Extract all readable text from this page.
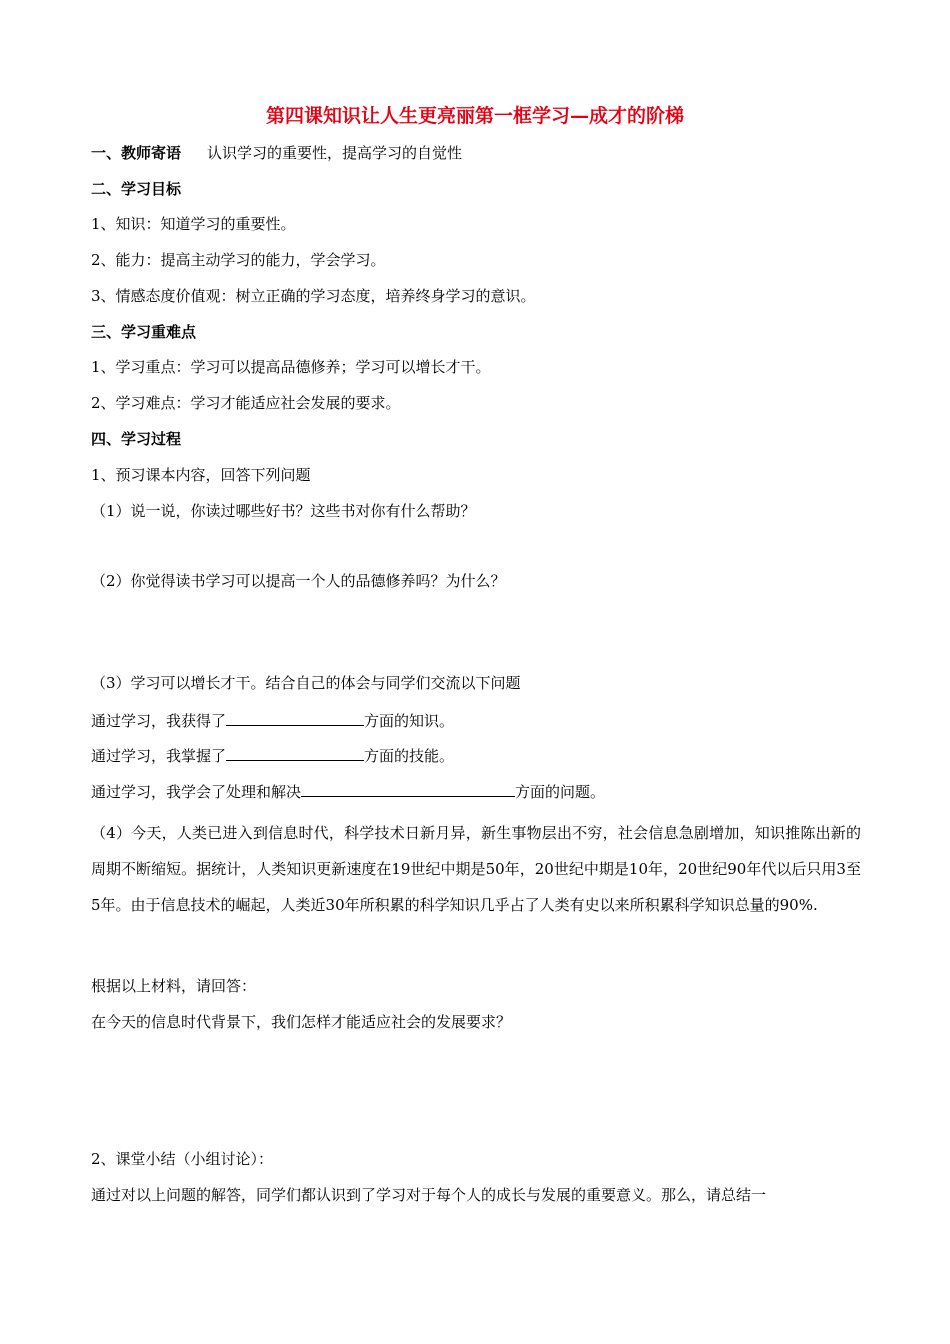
第四课知识让人生更亮丽第一框学习—成才的阶梯
一、教师寄语 认识学习的重要性，提高学习的自觉性
二、学习目标
1、知识：知道学习的重要性。
2、能力：提高主动学习的能力，学会学习。
3、情感态度价值观：树立正确的学习态度，培养终身学习的意识。
三、学习重难点
1、学习重点：学习可以提高品德修养；学习可以增长才干。
2、学习难点：学习才能适应社会发展的要求。
四、学习过程
1、预习课本内容，回答下列问题
（1）说一说，你读过哪些好书？这些书对你有什么帮助？
（2）你觉得读书学习可以提高一个人的品德修养吗？为什么？
（3）学习可以增长才干。结合自己的体会与同学们交流以下问题
通过学习，我获得了	方面的知识。
通过学习，我掌握了	方面的技能。
通过学习，我学会了处理和解决	方面的问题。
（4）今天，人类已进入到信息时代，科学技术日新月异，新生事物层出不穷，社会信息急剧增加，知识推陈出新的周期不断缩短。据统计，人类知识更新速度在19世纪中期是50年，20世纪中期是10年，20世纪90年代以后只用3至5年。由于信息技术的崛起，人类近30年所积累的科学知识几乎占了人类有史以来所积累科学知识总量的90%.
根据以上材料，请回答：
在今天的信息时代背景下，我们怎样才能适应社会的发展要求？
2、课堂小结（小组讨论）：
通过对以上问题的解答，同学们都认识到了学习对于每个人的成长与发展的重要意义。那么，请总结一
